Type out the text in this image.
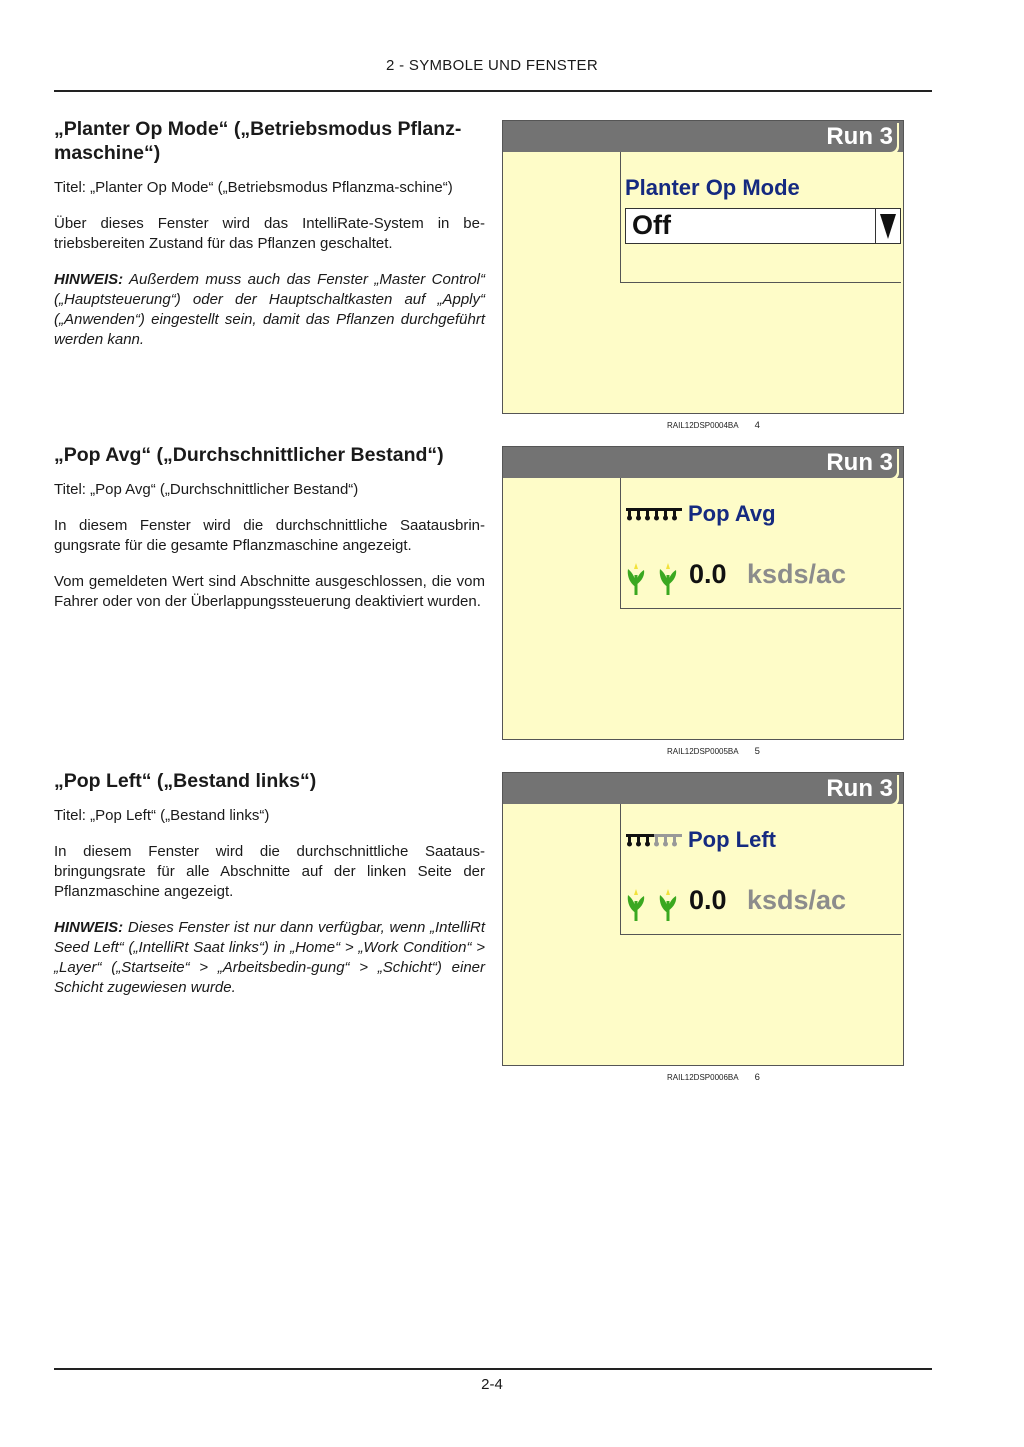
2 - SYMBOLE UND FENSTER
„Planter Op Mode“ („Betriebsmodus Pflanz-maschine“)

Titel: „Planter Op Mode“ („Betriebsmodus Pflanzma-schine“)

Über dieses Fenster wird das IntelliRate-System in be-triebsbereiten Zustand für das Pflanzen geschaltet.

HINWEIS: Außerdem muss auch das Fenster „Master Control“ („Hauptsteuerung“) oder der Hauptschaltkasten auf „Apply“ („Anwenden“) eingestellt sein, damit das Pflanzen durchgeführt werden kann.

„Pop Avg“ („Durchschnittlicher Bestand“)

Titel: „Pop Avg“ („Durchschnittlicher Bestand“)

In diesem Fenster wird die durchschnittliche Saatausbrin-gungsrate für die gesamte Pflanzmaschine angezeigt.

Vom gemeldeten Wert sind Abschnitte ausgeschlossen, die vom Fahrer oder von der Überlappungssteuerung deaktiviert wurden.

„Pop Left“ („Bestand links“)

Titel: „Pop Left“ („Bestand links“)

In diesem Fenster wird die durchschnittliche Saataus-bringungsrate für alle Abschnitte auf der linken Seite der Pflanzmaschine angezeigt.

HINWEIS: Dieses Fenster ist nur dann verfügbar, wenn „IntelliRt Seed Left“ („IntelliRt Saat links“) in „Home“ > „Work Condition“ > „Layer“ („Startseite“ > „Arbeitsbedin-gung“ > „Schicht“) einer Schicht zugewiesen wurde.

Run 3
Planter Op Mode
Off
RAIL12DSP0004BA 4
Run 3
Pop Avg
0.0 ksds/ac
RAIL12DSP0005BA 5
Run 3
Pop Left
0.0 ksds/ac
RAIL12DSP0006BA 6
2-4
